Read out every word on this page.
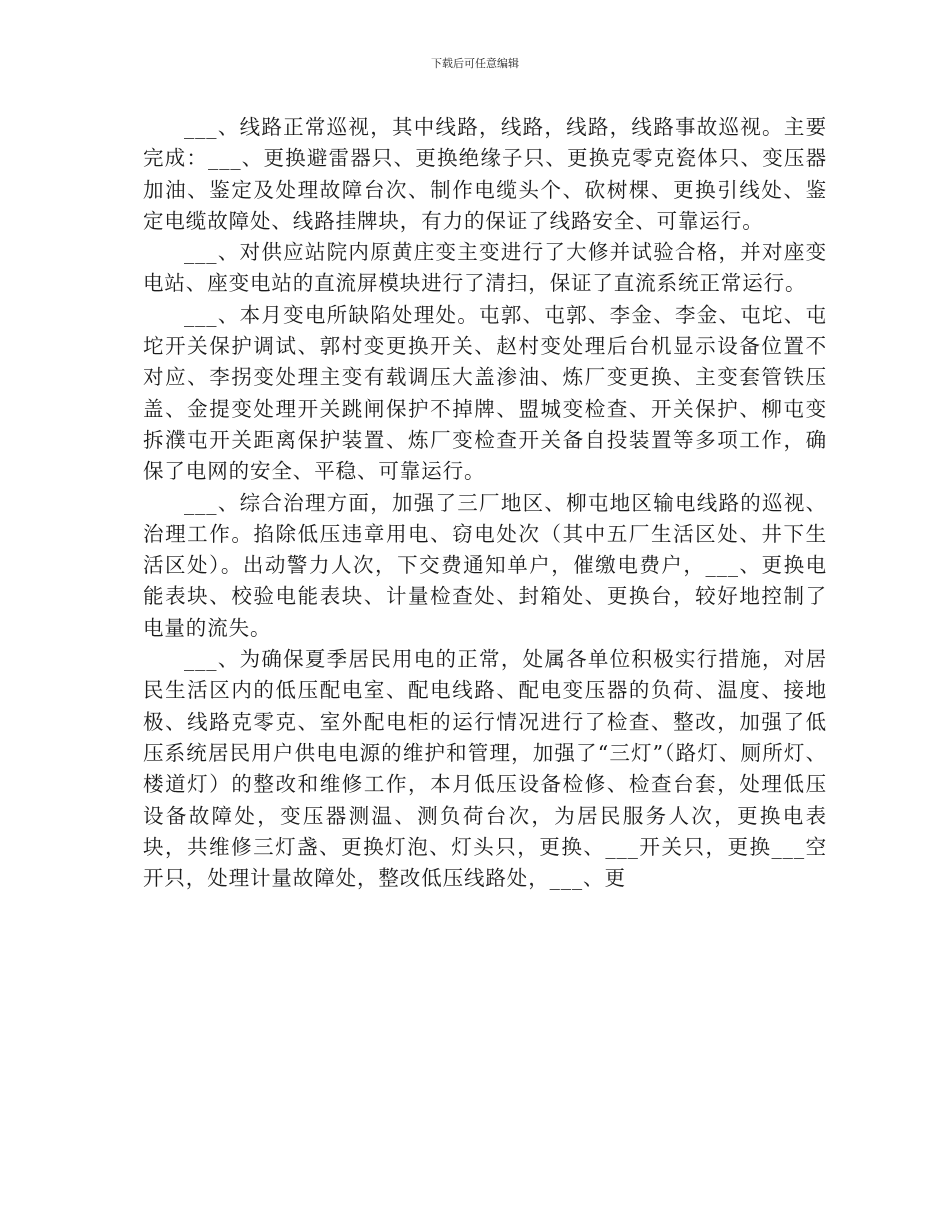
下载后可任意编辑

___、线路正常巡视，其中线路，线路，线路，线路事故巡视。主要完成：___、更换避雷器只、更换绝缘子只、更换克零克瓷体只、变压器加油、鉴定及处理故障台次、制作电缆头个、砍树棵、更换引线处、鉴定电缆故障处、线路挂牌块，有力的保证了线路安全、可靠运行。

___、对供应站院内原黄庄变主变进行了大修并试验合格，并对座变电站、座变电站的直流屏模块进行了清扫，保证了直流系统正常运行。

___、本月变电所缺陷处理处。屯郭、屯郭、李金、李金、屯坨、屯坨开关保护调试、郭村变更换开关、赵村变处理后台机显示设备位置不对应、李拐变处理主变有载调压大盖渗油、炼厂变更换、主变套管铁压盖、金提变处理开关跳闸保护不掉牌、盟城变检查、开关保护、柳屯变拆濮屯开关距离保护装置、炼厂变检查开关备自投装置等多项工作，确保了电网的安全、平稳、可靠运行。

___、综合治理方面，加强了三厂地区、柳屯地区输电线路的巡视、治理工作。掐除低压违章用电、窃电处次（其中五厂生活区处、井下生活区处）。出动警力人次，下交费通知单户，催缴电费户，___、更换电能表块、校验电能表块、计量检查处、封箱处、更换台，较好地控制了电量的流失。

___、为确保夏季居民用电的正常，处属各单位积极实行措施，对居民生活区内的低压配电室、配电线路、配电变压器的负荷、温度、接地极、线路克零克、室外配电柜的运行情况进行了检查、整改，加强了低压系统居民用户供电电源的维护和管理，加强了“三灯”（路灯、厕所灯、楼道灯）的整改和维修工作，本月低压设备检修、检查台套，处理低压设备故障处，变压器测温、测负荷台次，为居民服务人次，更换电表块，共维修三灯盏、更换灯泡、灯头只，更换、___开关只，更换___空开只，处理计量故障处，整改低压线路处，___、更
